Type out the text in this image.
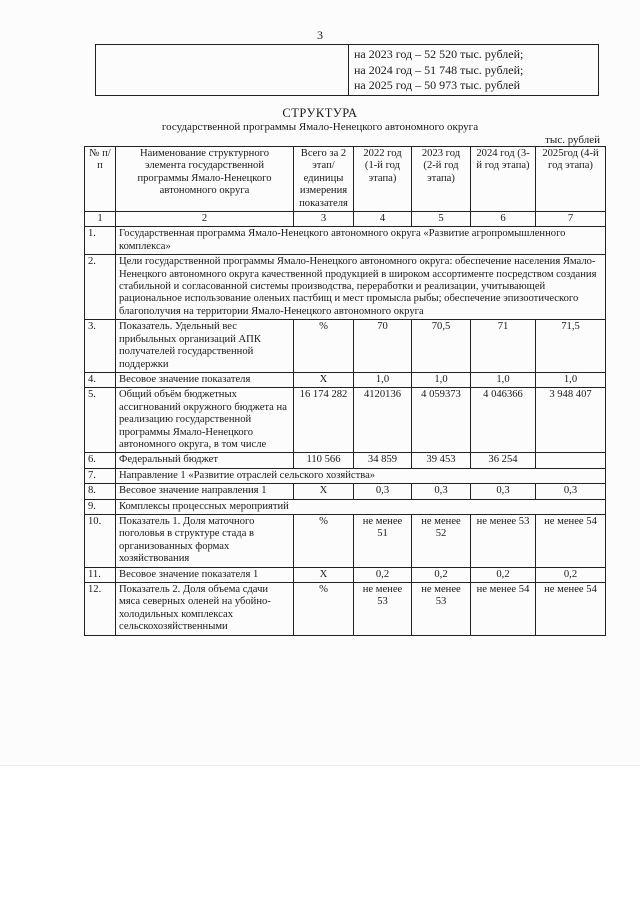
3
на 2023 год – 52 520 тыс. рублей;
на 2024 год – 51 748 тыс. рублей;
на 2025 год – 50 973 тыс. рублей
СТРУКТУРА
государственной программы Ямало-Ненецкого автономного округа
тыс. рублей
№ п/п	Наименование структурного элемента государственной программы Ямало-Ненецкого автономного округа	Всего за 2 этап/ единицы измерения показателя	2022 год (1-й год этапа)	2023 год (2-й год этапа)	2024 год (3-й год этапа)	2025год (4-й год этапа)
1	2	3	4	5	6	7
1.	Государственная программа Ямало-Ненецкого автономного округа «Развитие агропромышленного комплекса»					
2.	Цели государственной программы Ямало-Ненецкого автономного округа: обеспечение населения Ямало-Ненецкого автономного округа качественной продукцией в широком ассортименте посредством создания стабильной и согласованной системы производства, переработки и реализации, учитывающей рациональное использование оленьих пастбищ и мест промысла рыбы; обеспечение эпизоотического благополучия на территории Ямало-Ненецкого автономного округа					
3.	Показатель. Удельный вес прибыльных организаций АПК получателей государственной поддержки	%	70	70,5	71	71,5
4.	Весовое значение показателя	Х	1,0	1,0	1,0	1,0
5.	Общий объём бюджетных ассигнований окружного бюджета на реализацию государственной программы Ямало-Ненецкого автономного округа, в том числе	16 174 282	4120136	4 059373	4 046366	3 948 407
6.	Федеральный бюджет	110 566	34 859	39 453	36 254	
7.	Направление 1 «Развитие отраслей сельского хозяйства»					
8.	Весовое значение направления 1	Х	0,3	0,3	0,3	0,3
9.	Комплексы процессных мероприятий					
10.	Показатель 1. Доля маточного поголовья в структуре стада в организованных формах хозяйствования	%	не менее 51	не менее 52	не менее 53	не менее 54
11.	Весовое значение показателя 1	Х	0,2	0,2	0,2	0,2
12.	Показатель 2. Доля объема сдачи мяса северных оленей на убойно-холодильных комплексах сельскохозяйственными	%	не менее 53	не менее 53	не менее 54	не менее 54
